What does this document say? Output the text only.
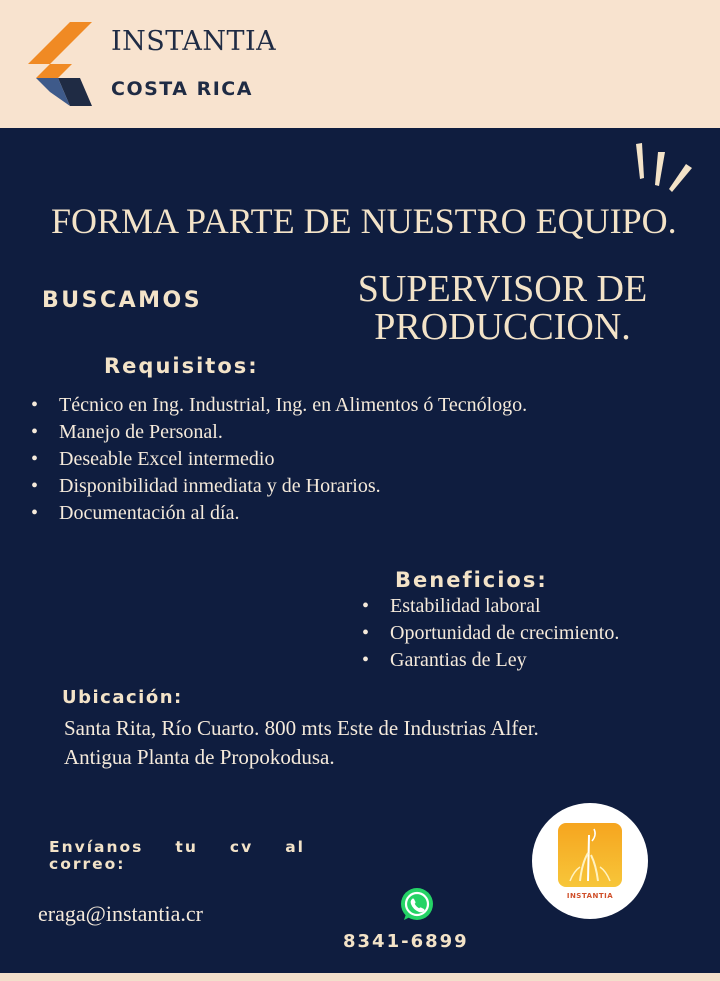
INSTANTIA
COSTA RICA
FORMA PARTE DE NUESTRO EQUIPO.
BUSCAMOS	SUPERVISOR DE
PRODUCCION.
Requisitos:
• Técnico en Ing. Industrial, Ing. en Alimentos ó Tecnólogo.
• Manejo de Personal.
• Deseable Excel intermedio
• Disponibilidad inmediata y de Horarios.
• Documentación al día.
Beneficios:
• Estabilidad laboral
• Oportunidad de crecimiento.
• Garantias de Ley
Ubicación:
Santa Rita, Río Cuarto. 800 mts Este de Industrias Alfer.
Antigua Planta de Propokodusa.
Envíanos tu cv al
correo:
eraga@instantia.cr
8341-6899
INSTANTIA
